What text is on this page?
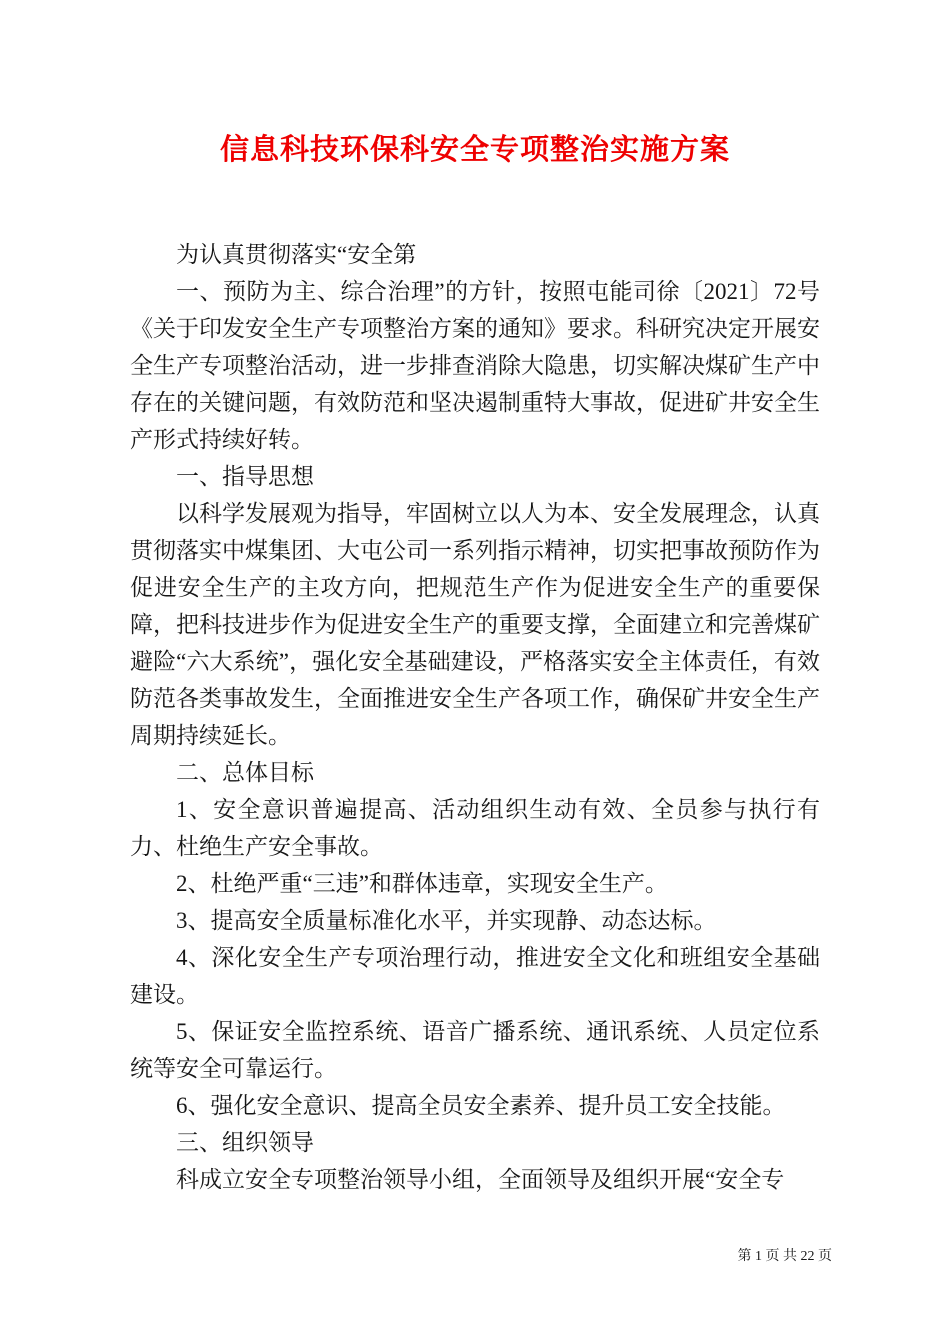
信息科技环保科安全专项整治实施方案

为认真贯彻落实“安全第

一、预防为主、综合治理”的方针，按照屯能司徐〔2021〕72号《关于印发安全生产专项整治方案的通知》要求。科研究决定开展安全生产专项整治活动，进一步排查消除大隐患，切实解决煤矿生产中存在的关键问题，有效防范和坚决遏制重特大事故，促进矿井安全生产形式持续好转。

一、指导思想

以科学发展观为指导，牢固树立以人为本、安全发展理念，认真贯彻落实中煤集团、大屯公司一系列指示精神，切实把事故预防作为促进安全生产的主攻方向，把规范生产作为促进安全生产的重要保障，把科技进步作为促进安全生产的重要支撑，全面建立和完善煤矿避险“六大系统”，强化安全基础建设，严格落实安全主体责任，有效防范各类事故发生，全面推进安全生产各项工作，确保矿井安全生产周期持续延长。

二、总体目标

1、安全意识普遍提高、活动组织生动有效、全员参与执行有力、杜绝生产安全事故。

2、杜绝严重“三违”和群体违章，实现安全生产。

3、提高安全质量标准化水平，并实现静、动态达标。

4、深化安全生产专项治理行动，推进安全文化和班组安全基础建设。

5、保证安全监控系统、语音广播系统、通讯系统、人员定位系统等安全可靠运行。

6、强化安全意识、提高全员安全素养、提升员工安全技能。

三、组织领导

科成立安全专项整治领导小组，全面领导及组织开展“安全专

第 1 页 共 22 页
